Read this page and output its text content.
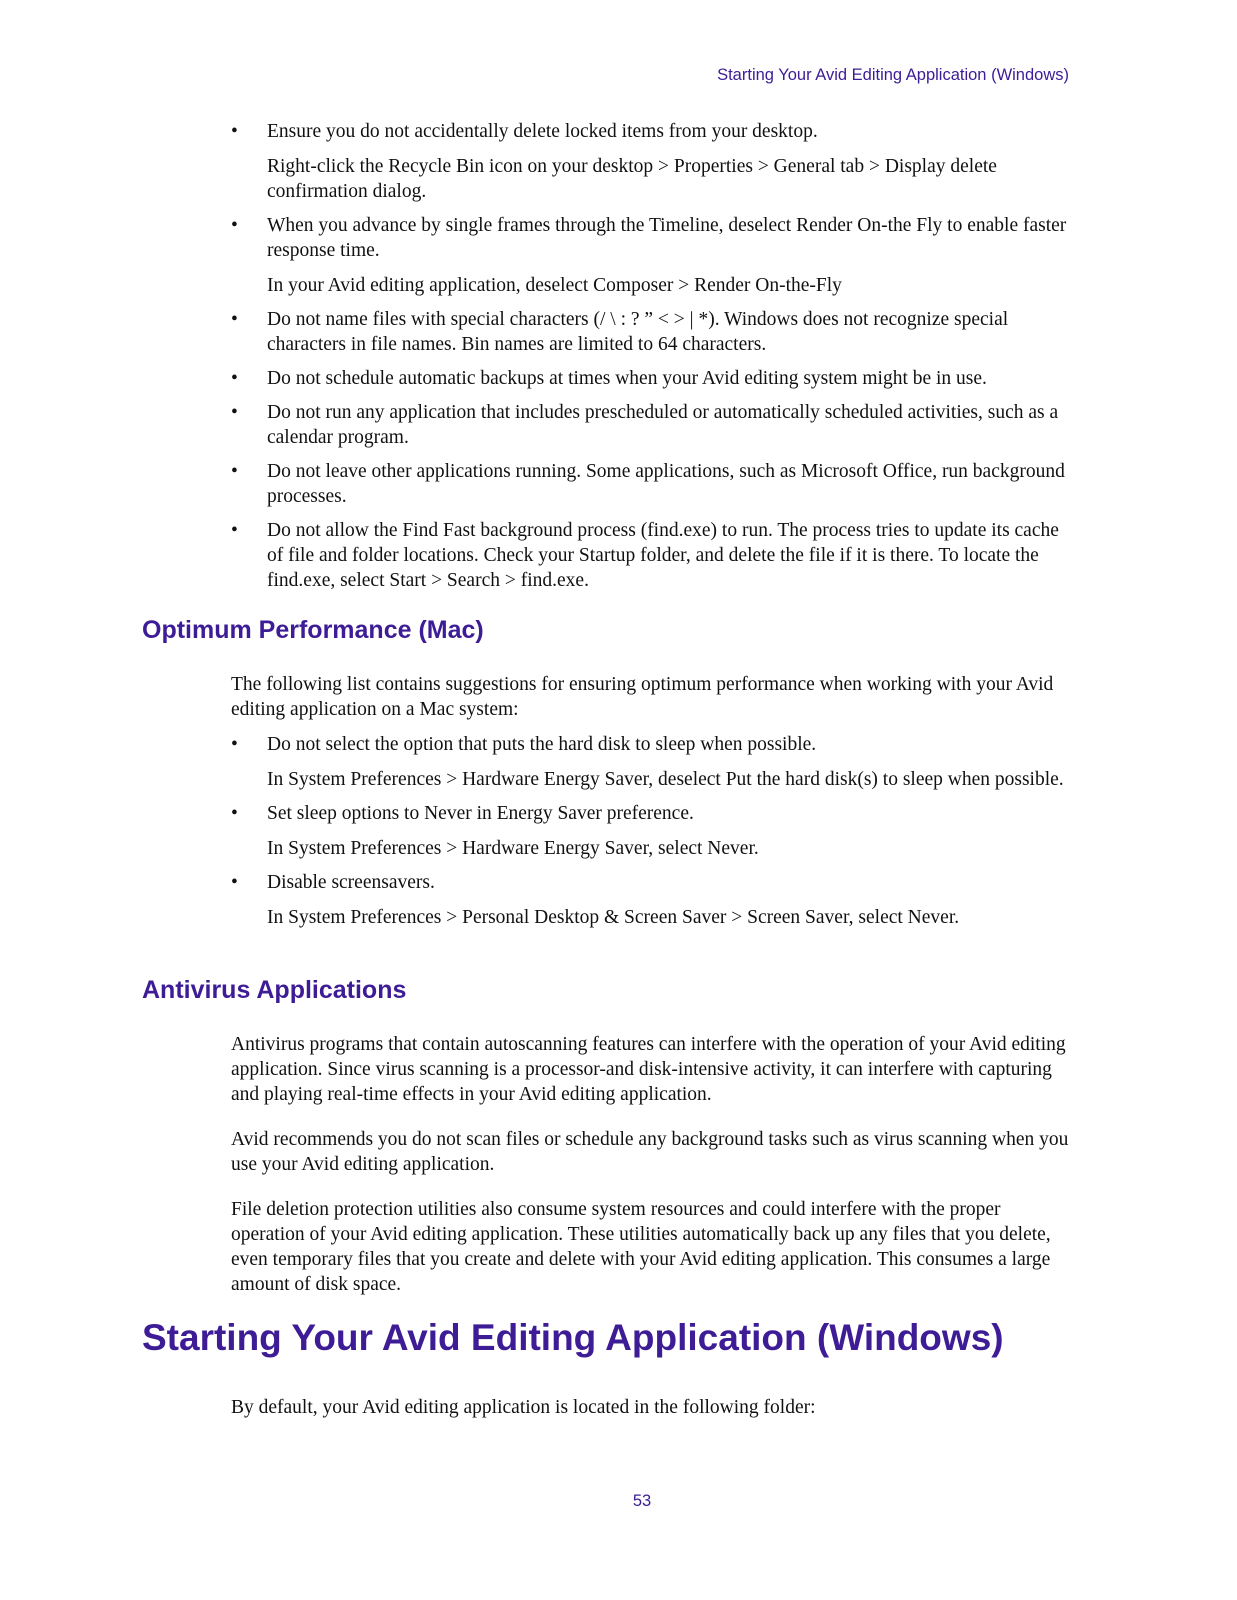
Starting Your Avid Editing Application (Windows)
• Ensure you do not accidentally delete locked items from your desktop.
Right-click the Recycle Bin icon on your desktop > Properties > General tab > Display delete confirmation dialog.
• When you advance by single frames through the Timeline, deselect Render On-the Fly to enable faster response time.
In your Avid editing application, deselect Composer > Render On-the-Fly
• Do not name files with special characters (/ \ : ? ” < > | *). Windows does not recognize special characters in file names. Bin names are limited to 64 characters.
• Do not schedule automatic backups at times when your Avid editing system might be in use.
• Do not run any application that includes prescheduled or automatically scheduled activities, such as a calendar program.
• Do not leave other applications running. Some applications, such as Microsoft Office, run background processes.
• Do not allow the Find Fast background process (find.exe) to run. The process tries to update its cache of file and folder locations. Check your Startup folder, and delete the file if it is there. To locate the find.exe, select Start > Search > find.exe.
Optimum Performance (Mac)

The following list contains suggestions for ensuring optimum performance when working with your Avid editing application on a Mac system:

• Do not select the option that puts the hard disk to sleep when possible.
In System Preferences > Hardware Energy Saver, deselect Put the hard disk(s) to sleep when possible.
• Set sleep options to Never in Energy Saver preference.
In System Preferences > Hardware Energy Saver, select Never.
• Disable screensavers.
In System Preferences > Personal Desktop & Screen Saver > Screen Saver, select Never.
Antivirus Applications

Antivirus programs that contain autoscanning features can interfere with the operation of your Avid editing application. Since virus scanning is a processor-and disk-intensive activity, it can interfere with capturing and playing real-time effects in your Avid editing application.

Avid recommends you do not scan files or schedule any background tasks such as virus scanning when you use your Avid editing application.

File deletion protection utilities also consume system resources and could interfere with the proper operation of your Avid editing application. These utilities automatically back up any files that you delete, even temporary files that you create and delete with your Avid editing application. This consumes a large amount of disk space.

Starting Your Avid Editing Application (Windows)

By default, your Avid editing application is located in the following folder:

53
